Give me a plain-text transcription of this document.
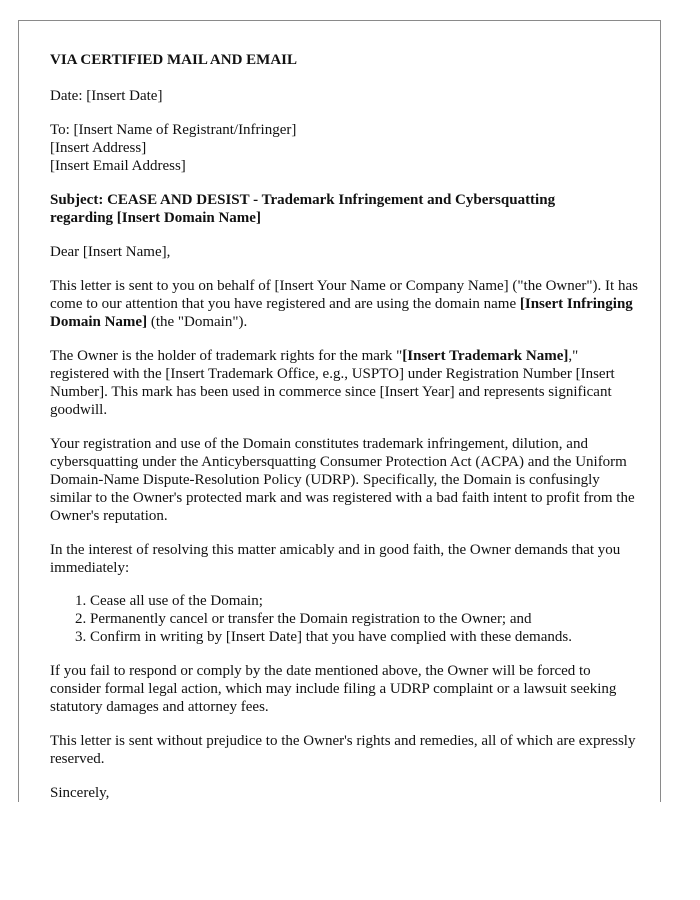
VIA CERTIFIED MAIL AND EMAIL

Date: [Insert Date]

To: [Insert Name of Registrant/Infringer]
[Insert Address]
[Insert Email Address]

Subject: CEASE AND DESIST - Trademark Infringement and Cybersquatting
regarding [Insert Domain Name]

Dear [Insert Name],

This letter is sent to you on behalf of [Insert Your Name or Company Name] ("the Owner"). It has come to our attention that you have registered and are using the domain name [Insert Infringing Domain Name] (the "Domain").

The Owner is the holder of trademark rights for the mark "[Insert Trademark Name]," registered with the [Insert Trademark Office, e.g., USPTO] under Registration Number [Insert Number]. This mark has been used in commerce since [Insert Year] and represents significant goodwill.

Your registration and use of the Domain constitutes trademark infringement, dilution, and cybersquatting under the Anticybersquatting Consumer Protection Act (ACPA) and the Uniform Domain-Name Dispute-Resolution Policy (UDRP). Specifically, the Domain is confusingly similar to the Owner's protected mark and was registered with a bad faith intent to profit from the Owner's reputation.

In the interest of resolving this matter amicably and in good faith, the Owner demands that you immediately:

1. Cease all use of the Domain;
2. Permanently cancel or transfer the Domain registration to the Owner; and
3. Confirm in writing by [Insert Date] that you have complied with these demands.

If you fail to respond or comply by the date mentioned above, the Owner will be forced to consider formal legal action, which may include filing a UDRP complaint or a lawsuit seeking statutory damages and attorney fees.

This letter is sent without prejudice to the Owner's rights and remedies, all of which are expressly reserved.

Sincerely,
